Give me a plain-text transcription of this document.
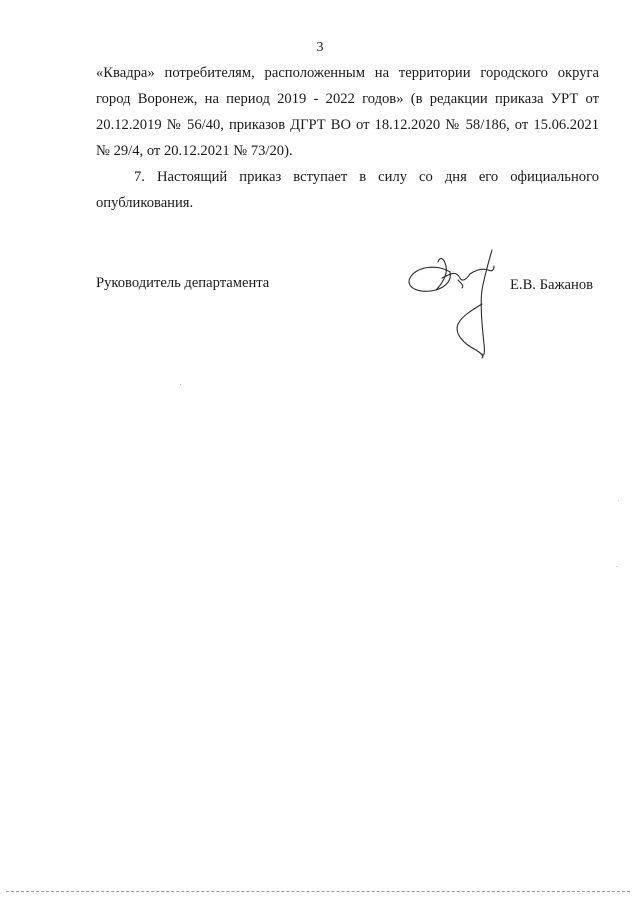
3

«Квадра» потребителям, расположенным на территории городского округа
город Воронеж, на период 2019 - 2022 годов» (в редакции приказа УРТ от
20.12.2019 № 56/40, приказов ДГРТ ВО от 18.12.2020 № 58/186, от 15.06.2021
№ 29/4, от 20.12.2021 № 73/20).

7. Настоящий приказ вступает в силу со дня его официального
опубликования.

Руководитель департамента	Е.В. Бажанов
